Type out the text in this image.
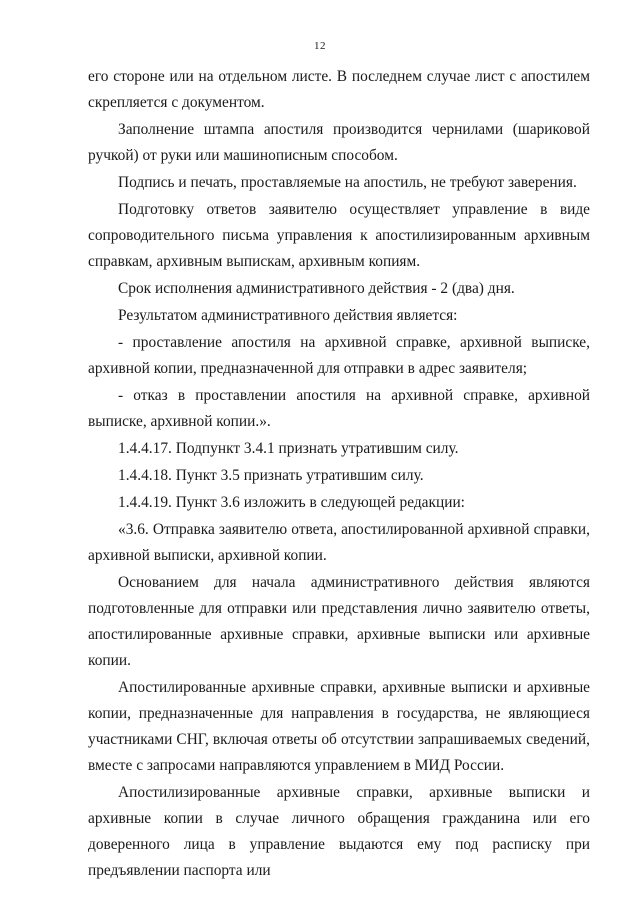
12

его стороне или на отдельном листе. В последнем случае лист с апостилем скрепляется с документом.

Заполнение штампа апостиля производится чернилами (шариковой ручкой) от руки или машинописным способом.

Подпись и печать, проставляемые на апостиль, не требуют заверения.

Подготовку ответов заявителю осуществляет управление в виде сопроводительного письма управления к апостилизированным архивным справкам, архивным выпискам, архивным копиям.

Срок исполнения административного действия - 2 (два) дня.

Результатом административного действия является:

- проставление апостиля на архивной справке, архивной выписке, архивной копии, предназначенной для отправки в адрес заявителя;

- отказ в проставлении апостиля на архивной справке, архивной выписке, архивной копии.».

1.4.4.17. Подпункт 3.4.1 признать утратившим силу.

1.4.4.18. Пункт 3.5 признать утратившим силу.

1.4.4.19. Пункт 3.6 изложить в следующей редакции:

«3.6. Отправка заявителю ответа, апостилированной архивной справки, архивной выписки, архивной копии.

Основанием для начала административного действия являются подготовленные для отправки или представления лично заявителю ответы, апостилированные архивные справки, архивные выписки или архивные копии.

Апостилированные архивные справки, архивные выписки и архивные копии, предназначенные для направления в государства, не являющиеся участниками СНГ, включая ответы об отсутствии запрашиваемых сведений, вместе с запросами направляются управлением в МИД России.

Апостилизированные архивные справки, архивные выписки и архивные копии в случае личного обращения гражданина или его доверенного лица в управление выдаются ему под расписку при предъявлении паспорта или
